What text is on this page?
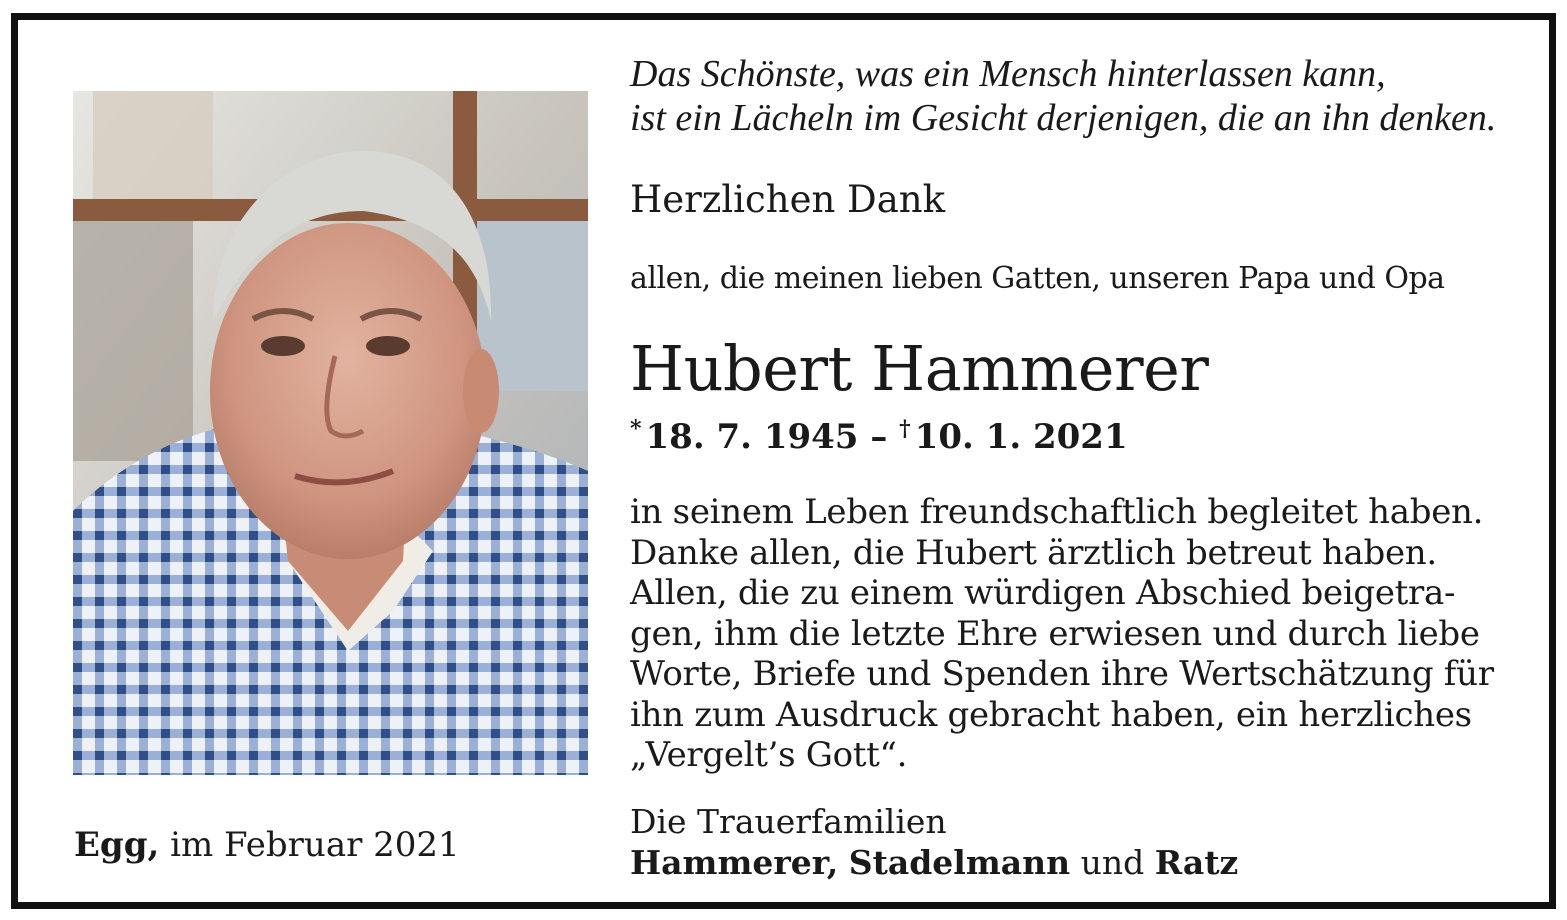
Egg, im Februar 2021
Das Schönste, was ein Mensch hinterlassen kann,
ist ein Lächeln im Gesicht derjenigen, die an ihn denken.
Herzlichen Dank
allen, die meinen lieben Gatten, unseren Papa und Opa
Hubert Hammerer
* 18. 7. 1945 – † 10. 1. 2021
in seinem Leben freundschaftlich begleitet haben.
Danke allen, die Hubert ärztlich betreut haben.
Allen, die zu einem würdigen Abschied beigetra-
gen, ihm die letzte Ehre erwiesen und durch liebe
Worte, Briefe und Spenden ihre Wertschätzung für
ihn zum Ausdruck gebracht haben, ein herzliches
„Vergelt’s Gott“.
Die Trauerfamilien
Hammerer, Stadelmann und Ratz
